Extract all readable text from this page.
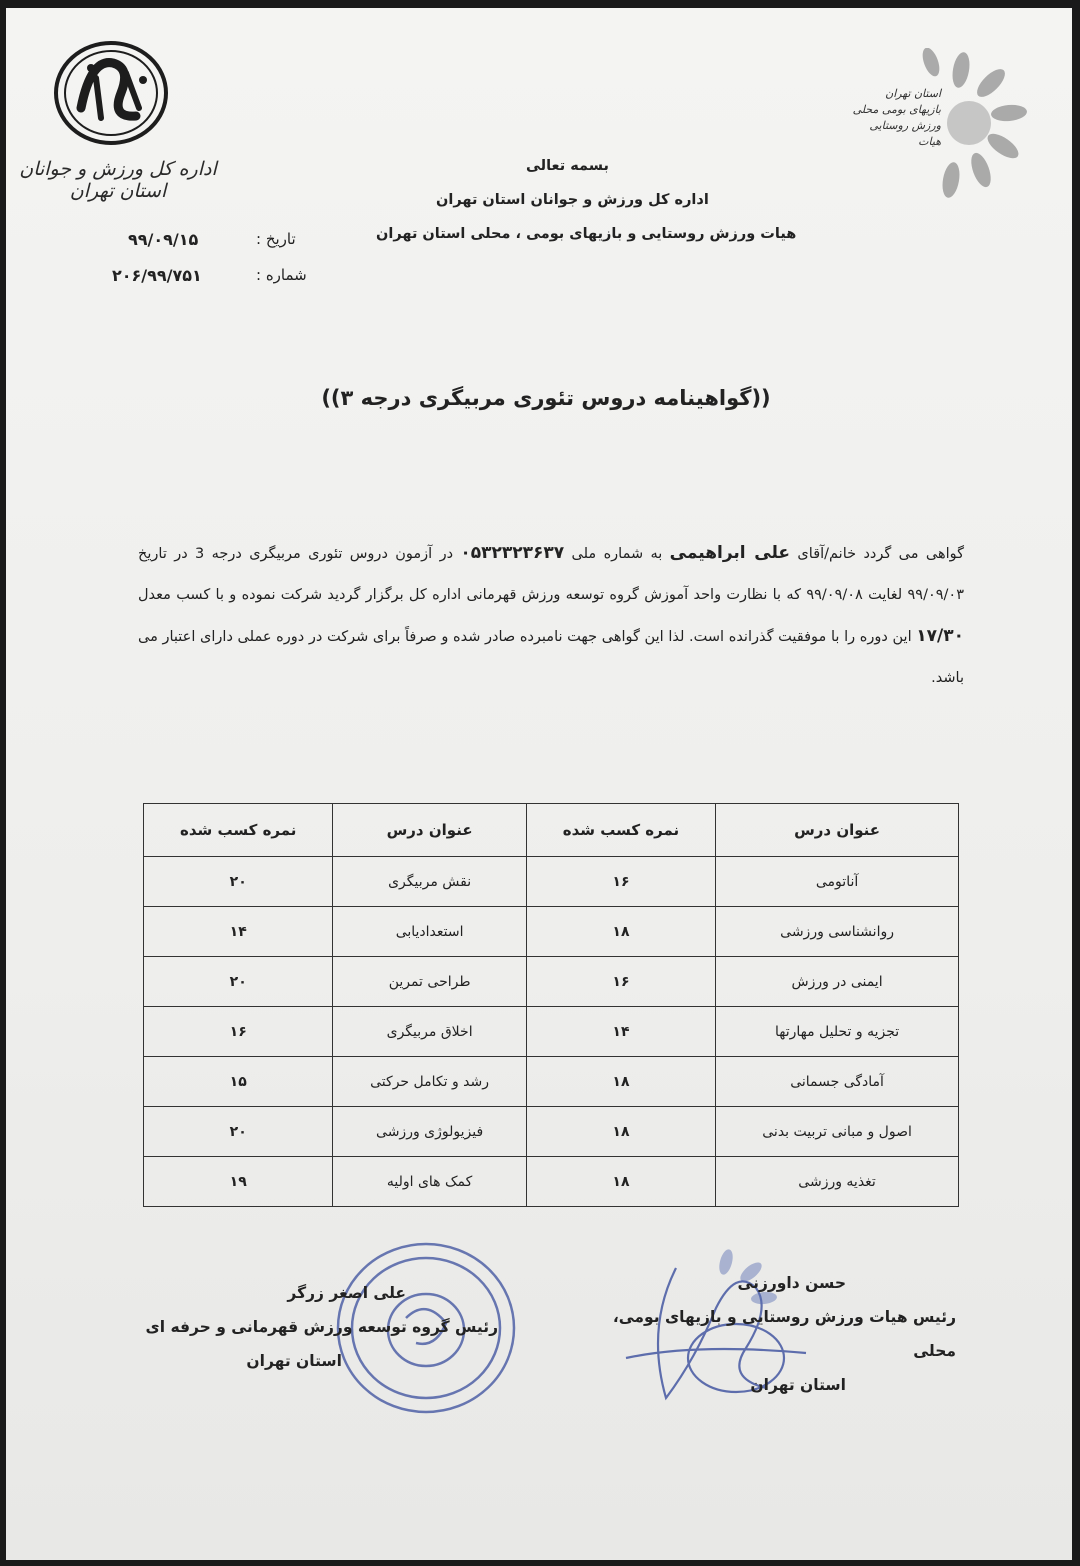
اداره کل ورزش و جوانان استان تهران
استان تهران
بازیهای بومی محلی
ورزش روستایی
هیات
بسمه تعالی
اداره کل ورزش و جوانان استان تهران
هیات ورزش روستایی و بازیهای بومی ، محلی استان تهران
تاریخ :
۹۹/۰۹/۱۵
شماره :
۲۰۶/۹۹/۷۵۱
((گواهینامه دروس تئوری مربیگری درجه ۳))
گواهی می گردد خانم/آقای علی ابراهیمی به شماره ملی ۰۵۳۲۳۲۳۶۳۷ در آزمون دروس تئوری مربیگری درجه 3 در تاریخ ۹۹/۰۹/۰۳ لغایت ۹۹/۰۹/۰۸ که با نظارت واحد آموزش گروه توسعه ورزش قهرمانی اداره کل برگزار گردید شرکت نموده و با کسب معدل ۱۷/۳۰ این دوره را با موفقیت گذرانده است. لذا این گواهی جهت نامبرده صادر شده و صرفاً برای شرکت در دوره عملی دارای اعتبار می باشد.
عنوان درس	نمره کسب شده	عنوان درس	نمره کسب شده
آناتومی	۱۶	نقش مربیگری	۲۰
روانشناسی ورزشی	۱۸	استعدادیابی	۱۴
ایمنی در ورزش	۱۶	طراحی تمرین	۲۰
تجزیه و تحلیل مهارتها	۱۴	اخلاق مربیگری	۱۶
آمادگی جسمانی	۱۸	رشد و تکامل حرکتی	۱۵
اصول و مبانی تربیت بدنی	۱۸	فیزیولوژی ورزشی	۲۰
تغذیه ورزشی	۱۸	کمک های اولیه	۱۹
حسن داورزنی
رئیس هیات ورزش روستایی و بازیهای بومی، محلی
استان تهران
علی اصغر زرگر
رئیس گروه توسعه ورزش قهرمانی و حرفه ای
استان تهران
